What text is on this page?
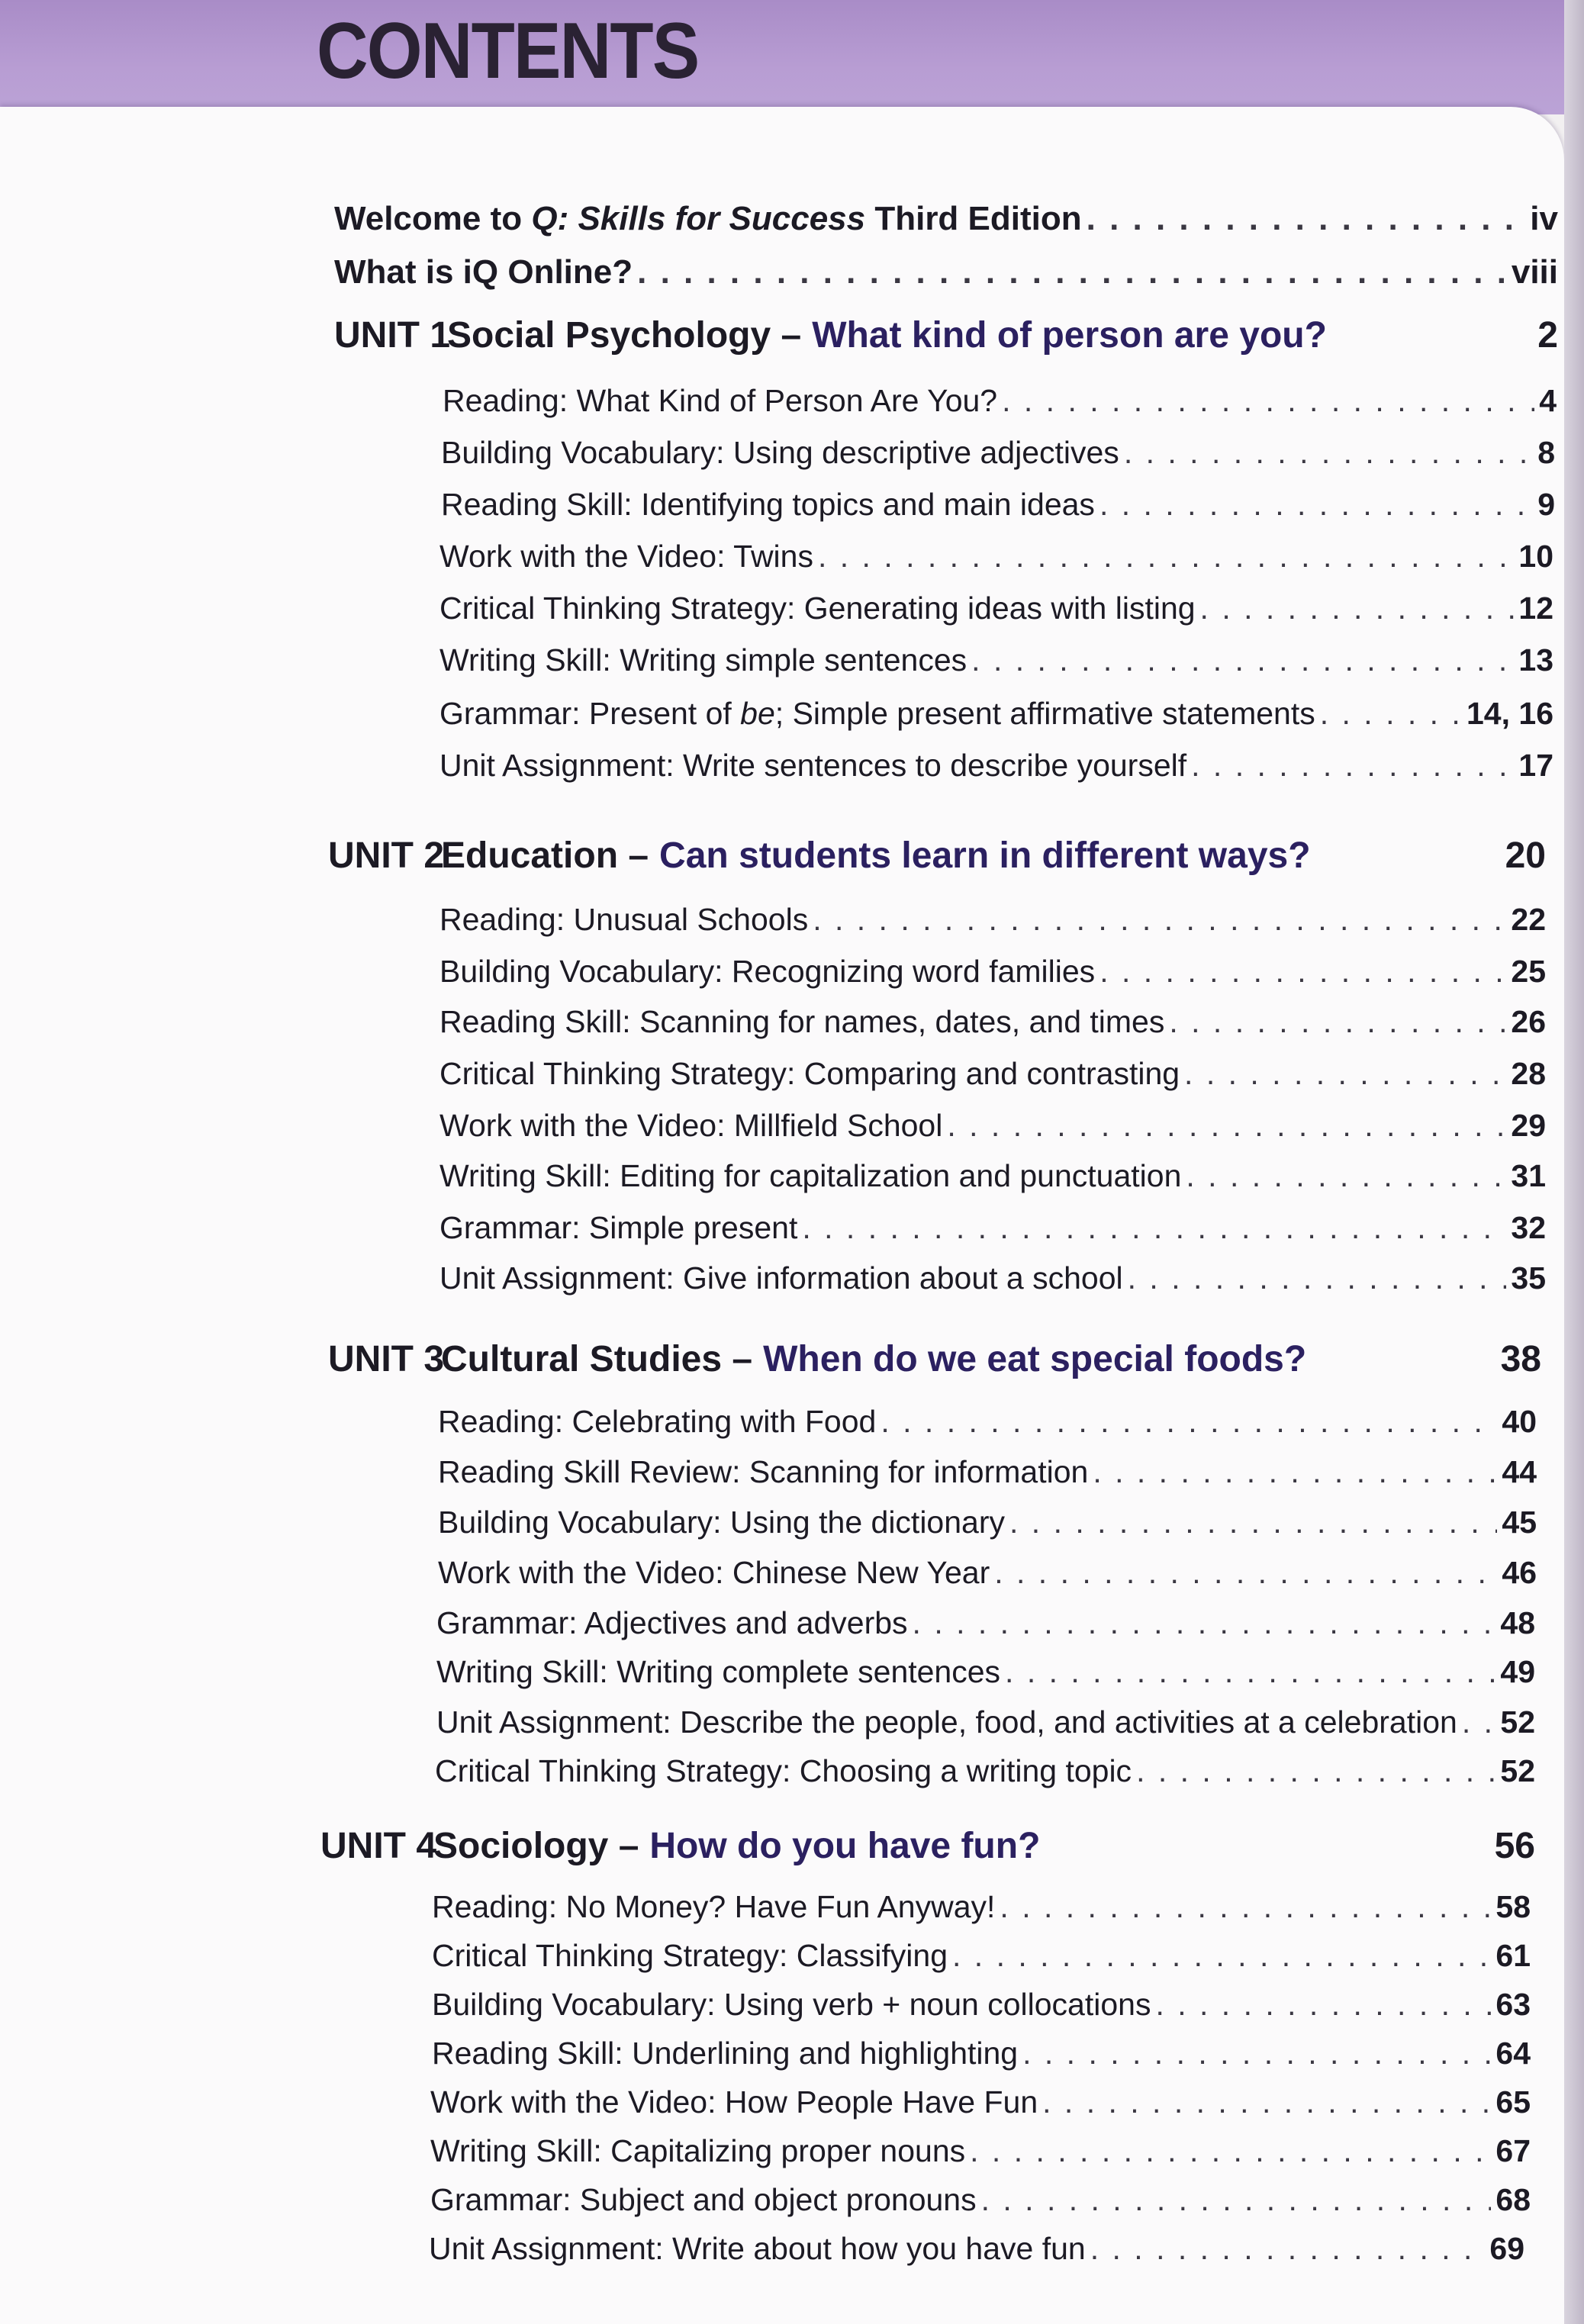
CONTENTS
Welcome to Q: Skills for Success Third Edition . . .	iv
What is iQ Online? . . .	viii
UNIT 1
Social Psychology – What kind of person are you?	2
Reading: What Kind of Person Are You? . . .	4
Building Vocabulary: Using descriptive adjectives . . .	8
Reading Skill: Identifying topics and main ideas . . .	9
Work with the Video: Twins . . .	10
Critical Thinking Strategy: Generating ideas with listing . . .	12
Writing Skill: Writing simple sentences . . .	13
Grammar: Present of be; Simple present affirmative statements . . .	14, 16
Unit Assignment: Write sentences to describe yourself . . .	17
UNIT 2
Education – Can students learn in different ways?	20
Reading: Unusual Schools . . .	22
Building Vocabulary: Recognizing word families . . .	25
Reading Skill: Scanning for names, dates, and times . . .	26
Critical Thinking Strategy: Comparing and contrasting . . .	28
Work with the Video: Millfield School . . .	29
Writing Skill: Editing for capitalization and punctuation . . .	31
Grammar: Simple present . . .	32
Unit Assignment: Give information about a school . . .	35
UNIT 3
Cultural Studies – When do we eat special foods?	38
Reading: Celebrating with Food . . .	40
Reading Skill Review: Scanning for information . . .	44
Building Vocabulary: Using the dictionary . . .	45
Work with the Video: Chinese New Year . . .	46
Grammar: Adjectives and adverbs . . .	48
Writing Skill: Writing complete sentences . . .	49
Unit Assignment: Describe the people, food, and activities at a celebration . . . 52
Critical Thinking Strategy: Choosing a writing topic . . .	52
UNIT 4
Sociology – How do you have fun?	56
Reading: No Money? Have Fun Anyway! . . .	58
Critical Thinking Strategy: Classifying . . .	61
Building Vocabulary: Using verb + noun collocations . . .	63
Reading Skill: Underlining and highlighting . . .	64
Work with the Video: How People Have Fun . . .	65
Writing Skill: Capitalizing proper nouns . . .	67
Grammar: Subject and object pronouns . . .	68
Unit Assignment: Write about how you have fun . . .	69
